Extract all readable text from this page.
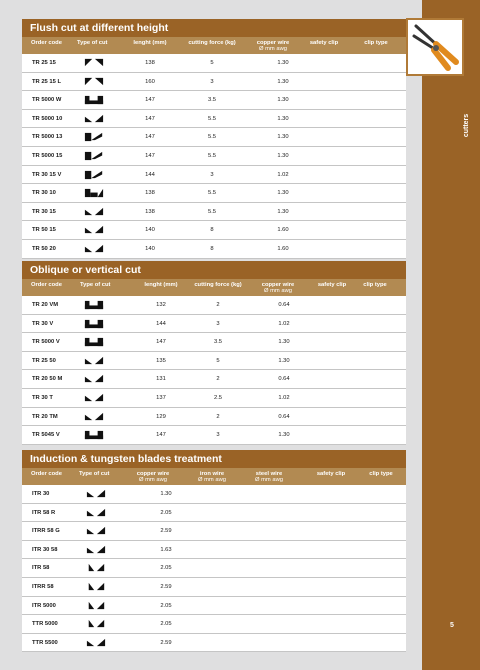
cutters
5
Flush cut at different height
Order code	Type of cut	lenght (mm)	cutting force (kg)	copper wire
Ø mm awg
safety clip	clip type
TR 25 15	138	5	1.30
TR 25 15 L	160	3	1.30
TR 5000 W	147	3.5	1.30
TR 5000 10	147	5.5	1.30
TR 5000 13	147	5.5	1.30
TR 5000 15	147	5.5	1.30
TR 30 15 V	144	3	1.02
TR 30 10	138	5.5	1.30
TR 30 15	138	5.5	1.30
TR 50 15	140	8	1.60
TR 50 20	140	8	1.60
Oblique or vertical cut
Order code	Type of cut	lenght (mm)	cutting force (kg)	copper wire
Ø mm awg
safety clip	clip type
TR 20 VM	132	2	0.64
TR 30 V	144	3	1.02
TR 5000 V	147	3.5	1.30
TR 25 50	135	5	1.30
TR 20 50 M	131	2	0.64
TR 30 T	137	2.5	1.02
TR 20 TM	129	2	0.64
TR 5045 V	147	3	1.30
Induction & tungsten blades treatment
Order code	Type of cut	copper wire
Ø mm awg
iron wire
Ø mm awg
steel wire
Ø mm awg
safety clip	clip type
ITR 30	1.30
ITR 58 R	2.05
ITRR 58 G	2.59
ITR 30 58	1.63
ITR 58	2.05
ITRR 58	2.59
ITR 5000	2.05
TTR 5000	2.05
TTR 5500	2.59
